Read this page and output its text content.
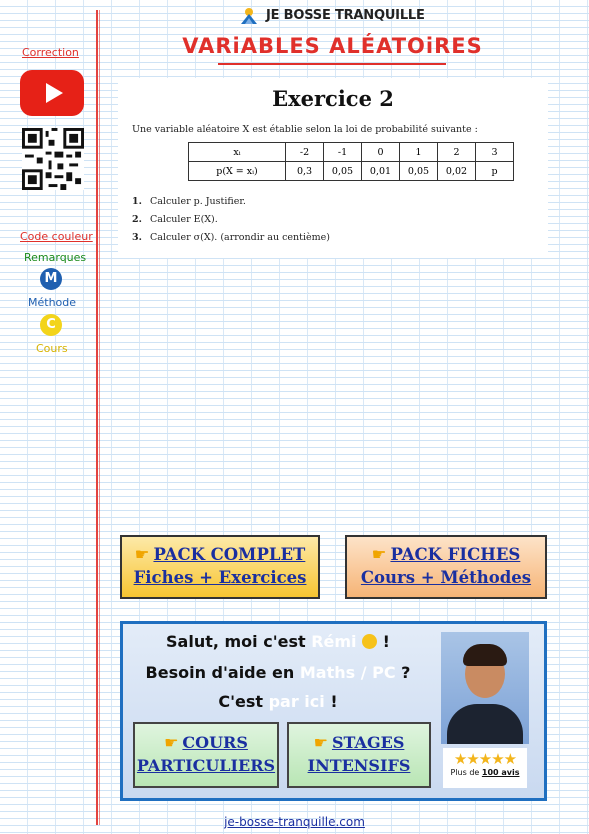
JE BOSSE TRANQUILLE
VARiABLES ALÉATOiRES
Correction
Code couleur
Remarques
M
Méthode
C
Cours
Exercice 2
Une variable aléatoire X est établie selon la loi de probabilité suivante :
xᵢ	-2	-1	0	1	2	3
p(X = xᵢ)	0,3	0,05	0,01	0,05	0,02	p
1. Calculer p. Justifier.
2. Calculer E(X).
3. Calculer σ(X). (arrondir au centième)
☛ PACK COMPLET
Fiches + Exercices
☛ PACK FICHES
Cours + Méthodes
Salut, moi c'est Rémi  !
Besoin d'aide en Maths / PC ?
C'est par ici !
★★★★★
Plus de 100 avis
☛ COURS
PARTICULIERS
☛ STAGES
INTENSIFS
je-bosse-tranquille.com
